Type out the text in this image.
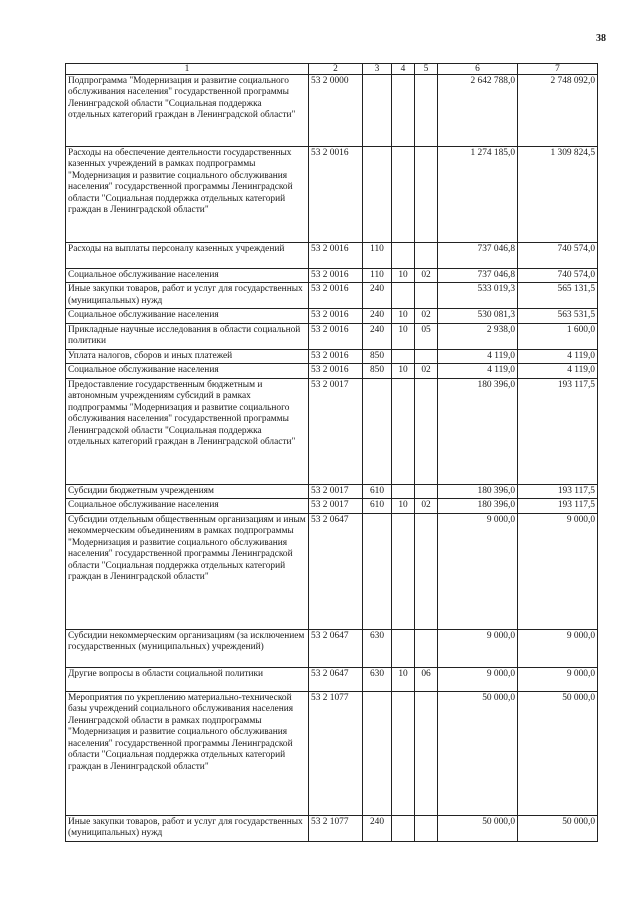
38
1	2	3	4	5	6	7
Подпрограмма "Модернизация и развитие социального обслуживания населения" государственной программы Ленинградской области "Социальная поддержка отдельных категорий граждан в Ленинградской области"	53 2 0000				2 642 788,0	2 748 092,0
Расходы на обеспечение деятельности государственных казенных учреждений в рамках подпрограммы "Модернизация и развитие социального обслуживания населения" государственной программы Ленинградской области "Социальная поддержка отдельных категорий граждан в Ленинградской области"	53 2 0016				1 274 185,0	1 309 824,5
Расходы на выплаты персоналу казенных учреждений	53 2 0016	110			737 046,8	740 574,0
Социальное обслуживание населения	53 2 0016	110	10	02	737 046,8	740 574,0
Иные закупки товаров, работ и услуг для государственных (муниципальных) нужд	53 2 0016	240			533 019,3	565 131,5
Социальное обслуживание населения	53 2 0016	240	10	02	530 081,3	563 531,5
Прикладные научные исследования в области социальной политики	53 2 0016	240	10	05	2 938,0	1 600,0
Уплата налогов, сборов и иных платежей	53 2 0016	850			4 119,0	4 119,0
Социальное обслуживание населения	53 2 0016	850	10	02	4 119,0	4 119,0
Предоставление государственным бюджетным и автономным учреждениям субсидий в рамках подпрограммы "Модернизация и развитие социального обслуживания населения" государственной программы Ленинградской области "Социальная поддержка отдельных категорий граждан в Ленинградской области"	53 2 0017				180 396,0	193 117,5
Субсидии бюджетным учреждениям	53 2 0017	610			180 396,0	193 117,5
Социальное обслуживание населения	53 2 0017	610	10	02	180 396,0	193 117,5
Субсидии отдельным общественным организациям и иным некоммерческим объединениям в рамках подпрограммы "Модернизация и развитие социального обслуживания населения" государственной программы Ленинградской области "Социальная поддержка отдельных категорий граждан в Ленинградской области"	53 2 0647				9 000,0	9 000,0
Субсидии некоммерческим организациям (за исключением государственных (муниципальных) учреждений)	53 2 0647	630			9 000,0	9 000,0
Другие вопросы в области социальной политики	53 2 0647	630	10	06	9 000,0	9 000,0
Мероприятия по укреплению материально-технической базы учреждений социального обслуживания населения Ленинградской области в рамках подпрограммы "Модернизация и развитие социального обслуживания населения" государственной программы Ленинградской области "Социальная поддержка отдельных категорий граждан в Ленинградской области"	53 2 1077				50 000,0	50 000,0
Иные закупки товаров, работ и услуг для государственных (муниципальных) нужд	53 2 1077	240			50 000,0	50 000,0
